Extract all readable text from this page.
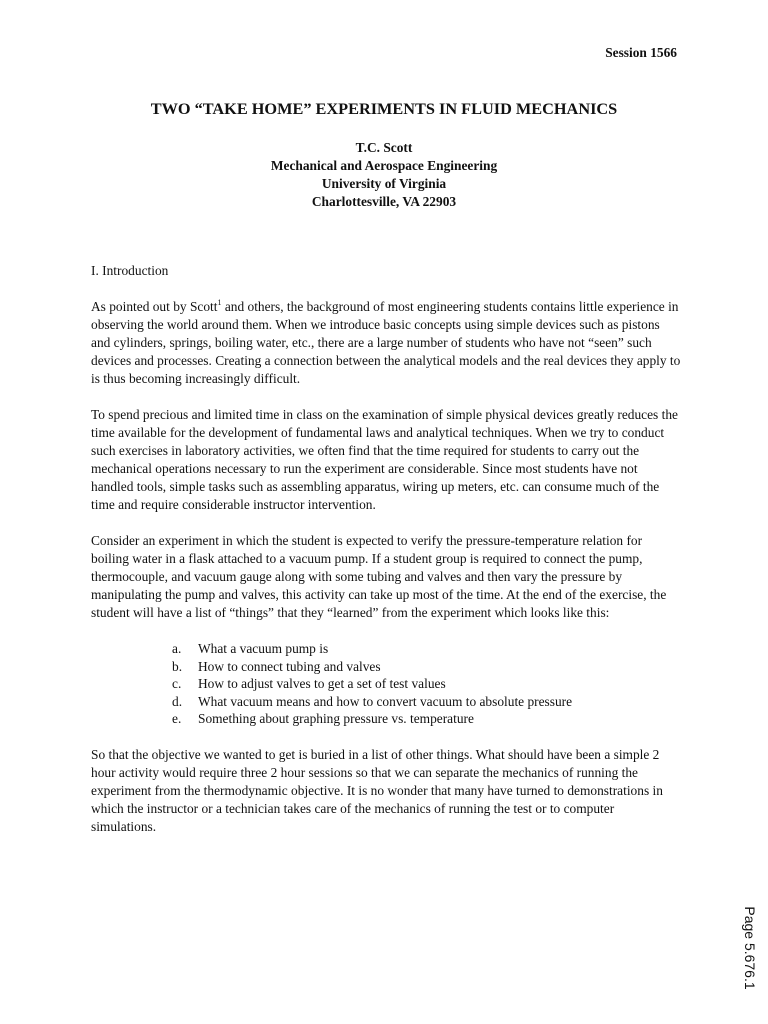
Session 1566
TWO “TAKE HOME” EXPERIMENTS IN FLUID MECHANICS
T.C. Scott
Mechanical and Aerospace Engineering
University of Virginia
Charlottesville, VA 22903
I. Introduction

As pointed out by Scott$^1$ and others, the background of most engineering students contains little experience in observing the world around them. When we introduce basic concepts using simple devices such as pistons and cylinders, springs, boiling water, etc., there are a large number of students who have not “seen” such devices and processes. Creating a connection between the analytical models and the real devices they apply to is thus becoming increasingly difficult.

To spend precious and limited time in class on the examination of simple physical devices greatly reduces the time available for the development of fundamental laws and analytical techniques. When we try to conduct such exercises in laboratory activities, we often find that the time required for students to carry out the mechanical operations necessary to run the experiment are considerable. Since most students have not handled tools, simple tasks such as assembling apparatus, wiring up meters, etc. can consume much of the time and require considerable instructor intervention.

Consider an experiment in which the student is expected to verify the pressure-temperature relation for boiling water in a flask attached to a vacuum pump. If a student group is required to connect the pump, thermocouple, and vacuum gauge along with some tubing and valves and then vary the pressure by manipulating the pump and valves, this activity can take up most of the time. At the end of the exercise, the student will have a list of “things” that they “learned” from the experiment which looks like this:

a. What a vacuum pump is
b. How to connect tubing and valves
c. How to adjust valves to get a set of test values
d. What vacuum means and how to convert vacuum to absolute pressure
e. Something about graphing pressure vs. temperature

So that the objective we wanted to get is buried in a list of other things. What should have been a simple 2 hour activity would require three 2 hour sessions so that we can separate the mechanics of running the experiment from the thermodynamic objective. It is no wonder that many have turned to demonstrations in which the instructor or a technician takes care of the mechanics of running the test or to computer simulations.

Page 5.676.1
